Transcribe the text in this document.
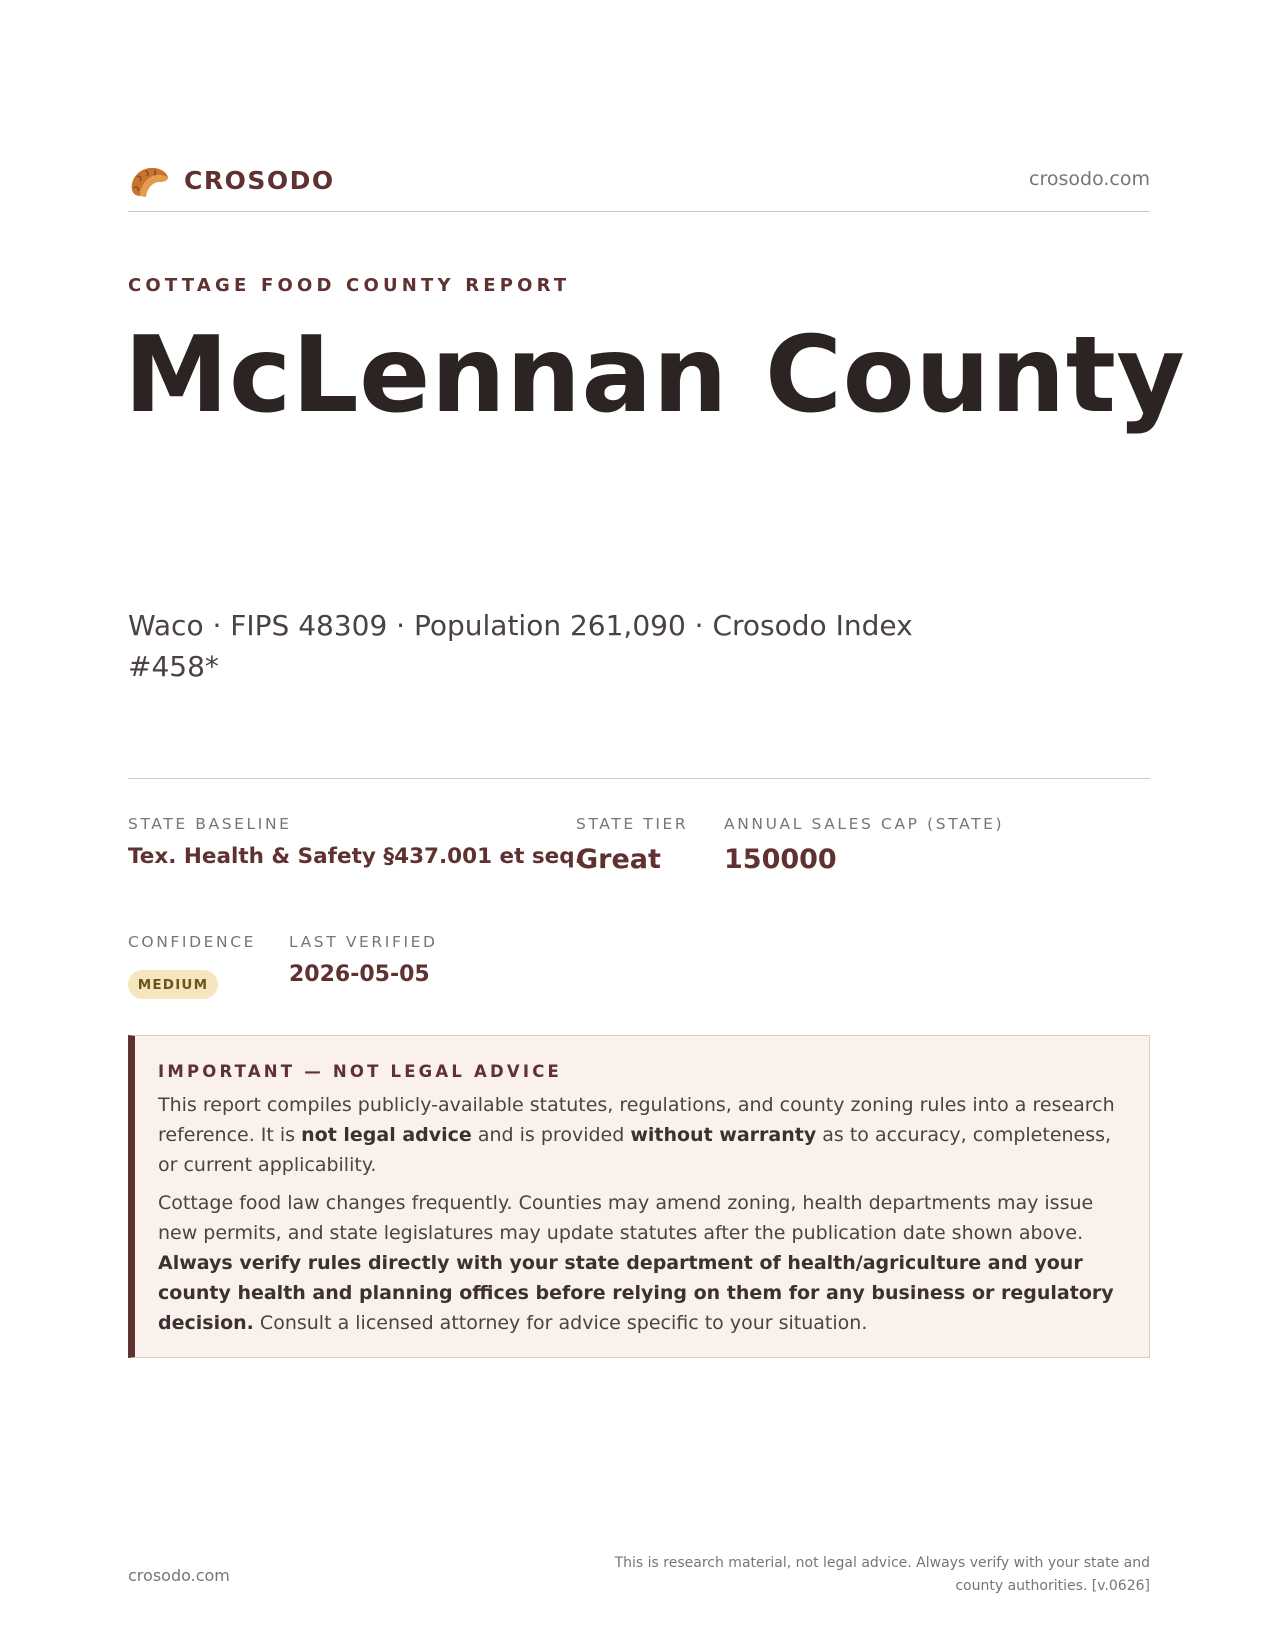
CROSODO	crosodo.com
COTTAGE FOOD COUNTY REPORT
McLennan County
Waco · FIPS 48309 · Population 261,090 · Crosodo Index #458*
STATE BASELINE
Tex. Health & Safety §437.001 et seq.
STATE TIER
Great
ANNUAL SALES CAP (STATE)
150000
CONFIDENCE
MEDIUM
LAST VERIFIED
2026-05-05
IMPORTANT — NOT LEGAL ADVICE

This report compiles publicly-available statutes, regulations, and county zoning rules into a research reference. It is not legal advice and is provided without warranty as to accuracy, completeness, or current applicability.

Cottage food law changes frequently. Counties may amend zoning, health departments may issue new permits, and state legislatures may update statutes after the publication date shown above. Always verify rules directly with your state department of health/agriculture and your county health and planning offices before relying on them for any business or regulatory decision. Consult a licensed attorney for advice specific to your situation.

crosodo.com
This is research material, not legal advice. Always verify with your state and county authorities. [v.0626]
